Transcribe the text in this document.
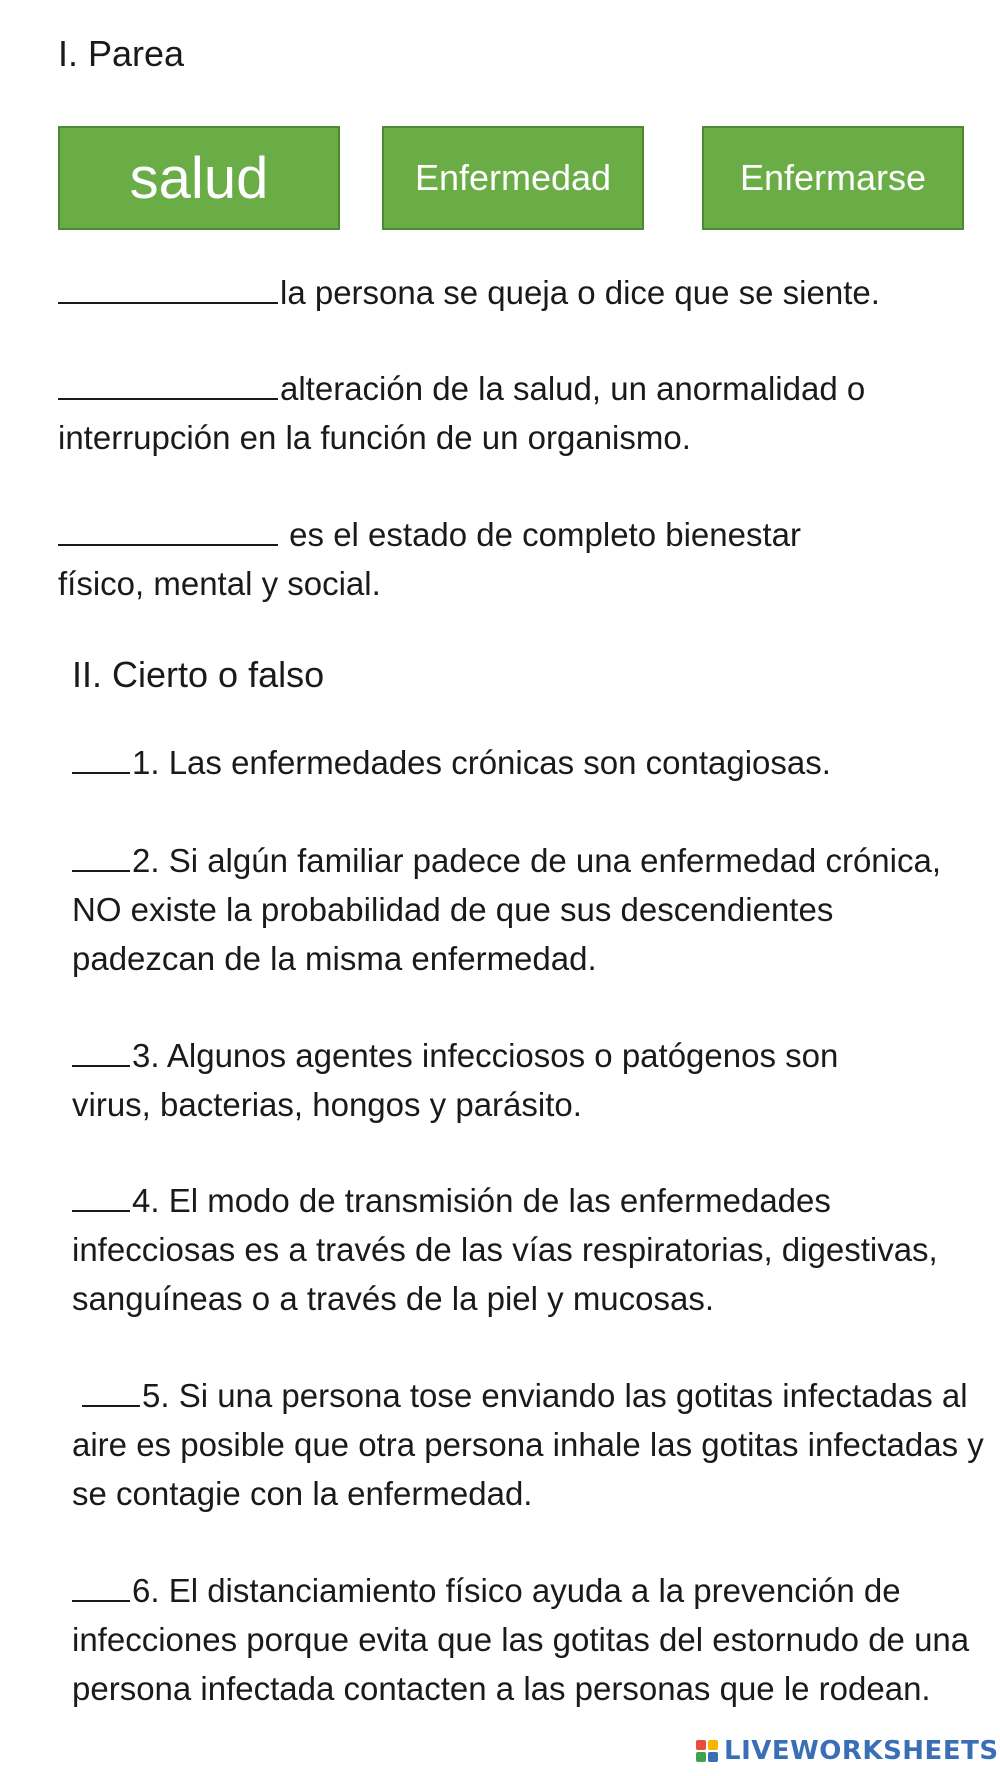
I. Parea
salud	Enfermedad	Enfermarse

la persona se queja o dice que se siente.

alteración de la salud, un anormalidad o interrupción en la función de un organismo.

es el estado de completo bienestar físico, mental y social.

II. Cierto o falso

1. Las enfermedades crónicas son contagiosas.

2. Si algún familiar padece de una enfermedad crónica, NO existe la probabilidad de que sus descendientes padezcan de la misma enfermedad.

3. Algunos agentes infecciosos o patógenos son virus, bacterias, hongos y parásito.

4. El modo de transmisión de las enfermedades infecciosas es a través de las vías respiratorias, digestivas, sanguíneas o a través de la piel y mucosas.

5. Si una persona tose enviando las gotitas infectadas al aire es posible que otra persona inhale las gotitas infectadas y se contagie con la enfermedad.

6. El distanciamiento físico ayuda a la prevención de infecciones porque evita que las gotitas del estornudo de una persona infectada contacten a las personas que le rodean.

LIVEWORKSHEETS
